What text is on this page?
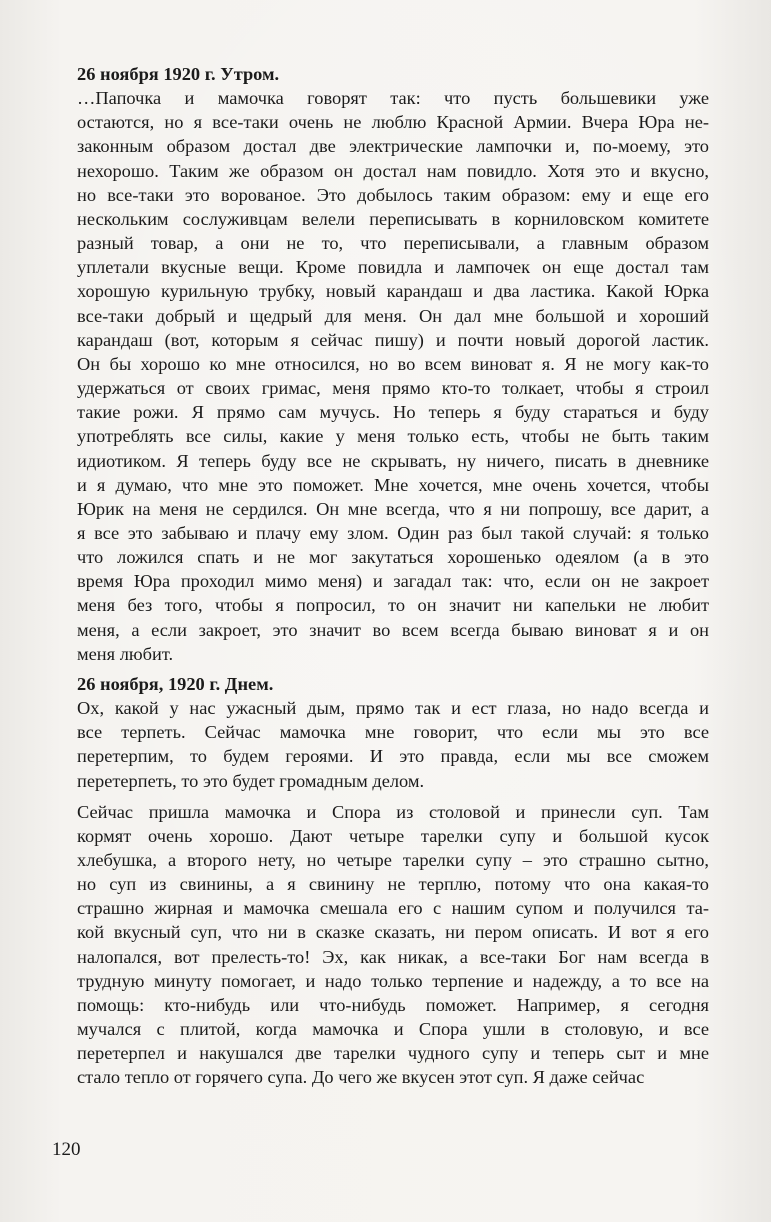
26 ноября 1920 г. Утром.
…Папочка и мамочка говорят так: что пусть большевики уже
остаются, но я все-таки очень не люблю Красной Армии. Вчера Юра не-
законным образом достал две электрические лампочки и, по-моему, это
нехорошо. Таким же образом он достал нам повидло. Хотя это и вкусно,
но все-таки это ворованое. Это добылось таким образом: ему и еще его
нескольким сослуживцам велели переписывать в корниловском комитете
разный товар, а они не то, что переписывали, а главным образом
уплетали вкусные вещи. Кроме повидла и лампочек он еще достал там
хорошую курильную трубку, новый карандаш и два ластика. Какой Юрка
все-таки добрый и щедрый для меня. Он дал мне большой и хороший
карандаш (вот, которым я сейчас пишу) и почти новый дорогой ластик.
Он бы хорошо ко мне относился, но во всем виноват я. Я не могу как-то
удержаться от своих гримас, меня прямо кто-то толкает, чтобы я строил
такие рожи. Я прямо сам мучусь. Но теперь я буду стараться и буду
употреблять все силы, какие у меня только есть, чтобы не быть таким
идиотиком. Я теперь буду все не скрывать, ну ничего, писать в дневнике
и я думаю, что мне это поможет. Мне хочется, мне очень хочется, чтобы
Юрик на меня не сердился. Он мне всегда, что я ни попрошу, все дарит, а
я все это забываю и плачу ему злом. Один раз был такой случай: я только
что ложился спать и не мог закутаться хорошенько одеялом (а в это
время Юра проходил мимо меня) и загадал так: что, если он не закроет
меня без того, чтобы я попросил, то он значит ни капельки не любит
меня, а если закроет, это значит во всем всегда бываю виноват я и он
меня любит.
26 ноября, 1920 г. Днем.
Ох, какой у нас ужасный дым, прямо так и ест глаза, но надо всегда и
все терпеть. Сейчас мамочка мне говорит, что если мы это все
перетерпим, то будем героями. И это правда, если мы все сможем
перетерпеть, то это будет громадным делом.
Сейчас пришла мамочка и Спора из столовой и принесли суп. Там
кормят очень хорошо. Дают четыре тарелки супу и большой кусок
хлебушка, а второго нету, но четыре тарелки супу – это страшно сытно,
но суп из свинины, а я свинину не терплю, потому что она какая-то
страшно жирная и мамочка смешала его с нашим супом и получился та-
кой вкусный суп, что ни в сказке сказать, ни пером описать. И вот я его
налопался, вот прелесть-то! Эх, как никак, а все-таки Бог нам всегда в
трудную минуту помогает, и надо только терпение и надежду, а то все на
помощь: кто-нибудь или что-нибудь поможет. Например, я сегодня
мучался с плитой, когда мамочка и Спора ушли в столовую, и все
перетерпел и накушался две тарелки чудного супу и теперь сыт и мне
стало тепло от горячего супа. До чего же вкусен этот суп. Я даже сейчас
120
